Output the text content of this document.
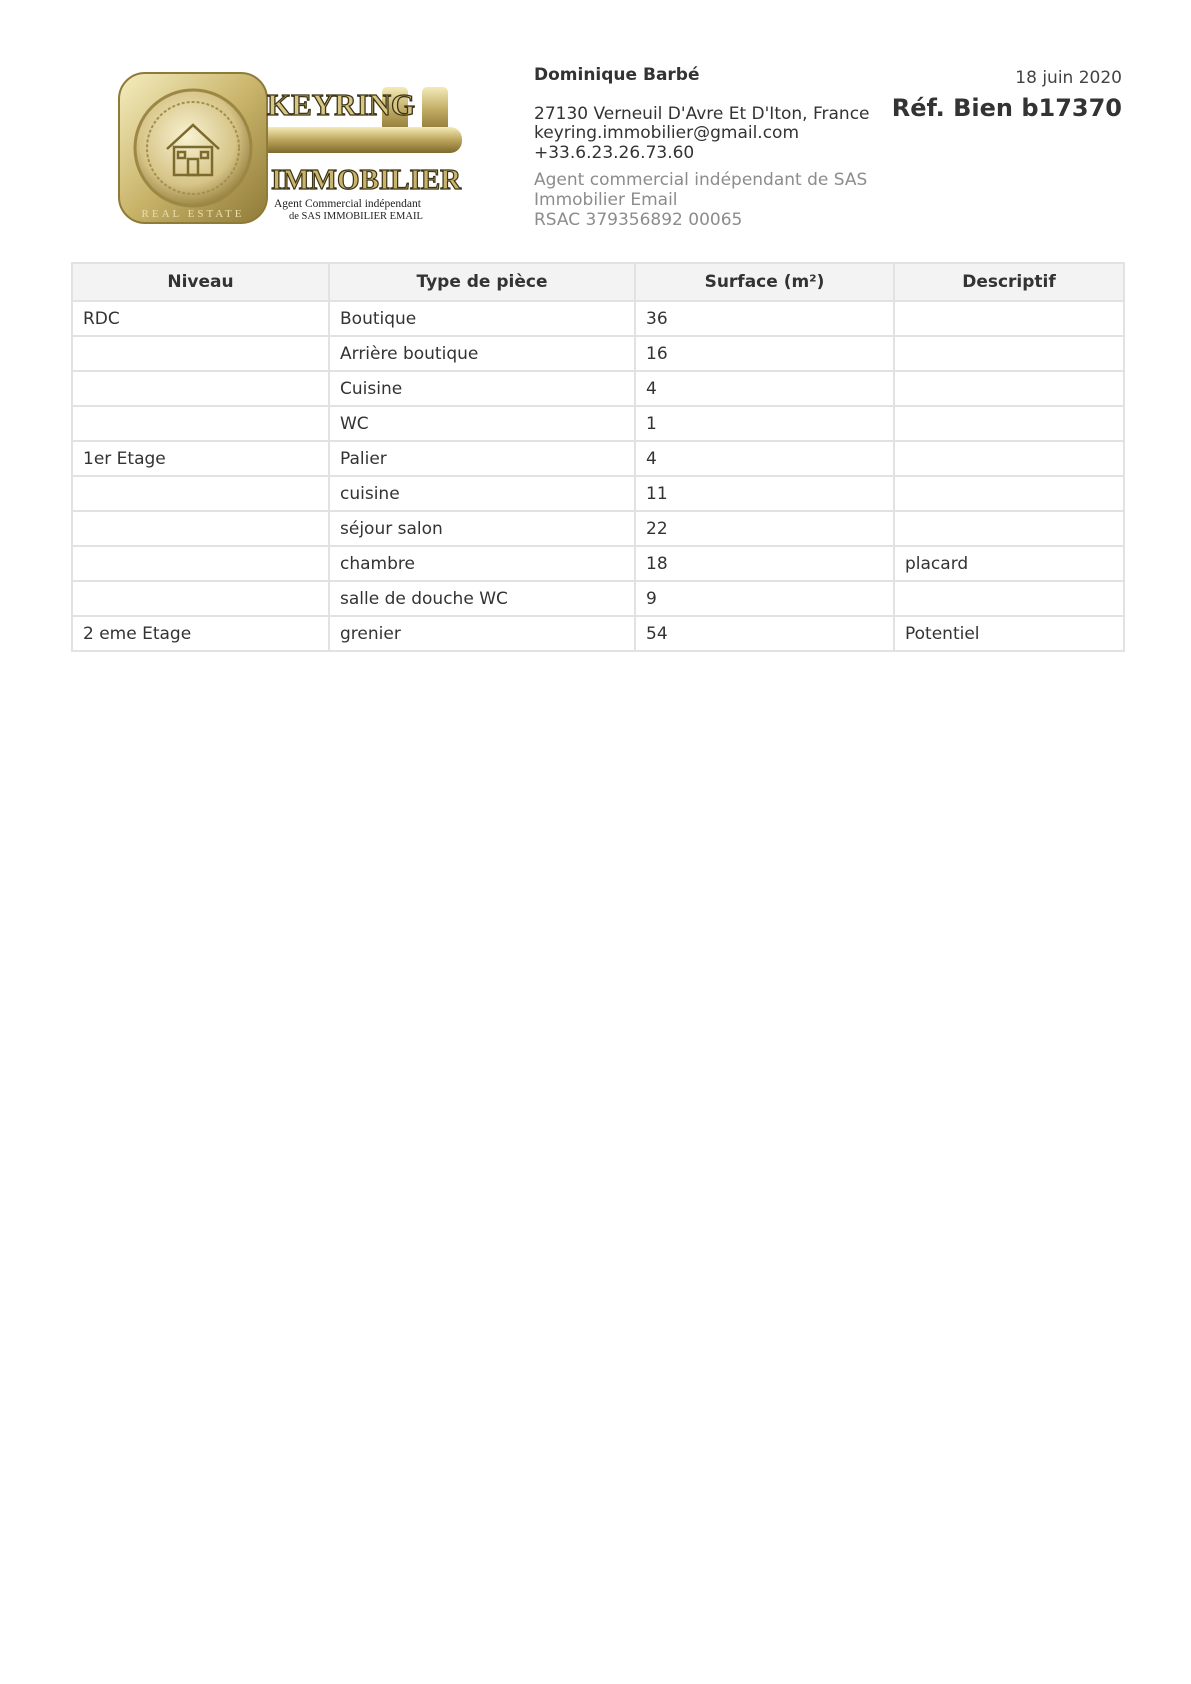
REAL ESTATE
KEYRING
IMMOBILIER
Agent Commercial indépendant
de SAS IMMOBILIER EMAIL
Dominique Barbé
27130 Verneuil D'Avre Et D'Iton, France
keyring.immobilier@gmail.com
+33.6.23.26.73.60
Agent commercial indépendant de SAS
Immobilier Email
RSAC 379356892 00065
18 juin 2020
Réf. Bien b17370
Niveau	Type de pièce	Surface (m²)	Descriptif
RDC	Boutique	36	
	Arrière boutique	16	
	Cuisine	4	
	WC	1	
1er Etage	Palier	4	
	cuisine	11	
	séjour salon	22	
	chambre	18	placard
	salle de douche WC	9	
2 eme Etage	grenier	54	Potentiel
